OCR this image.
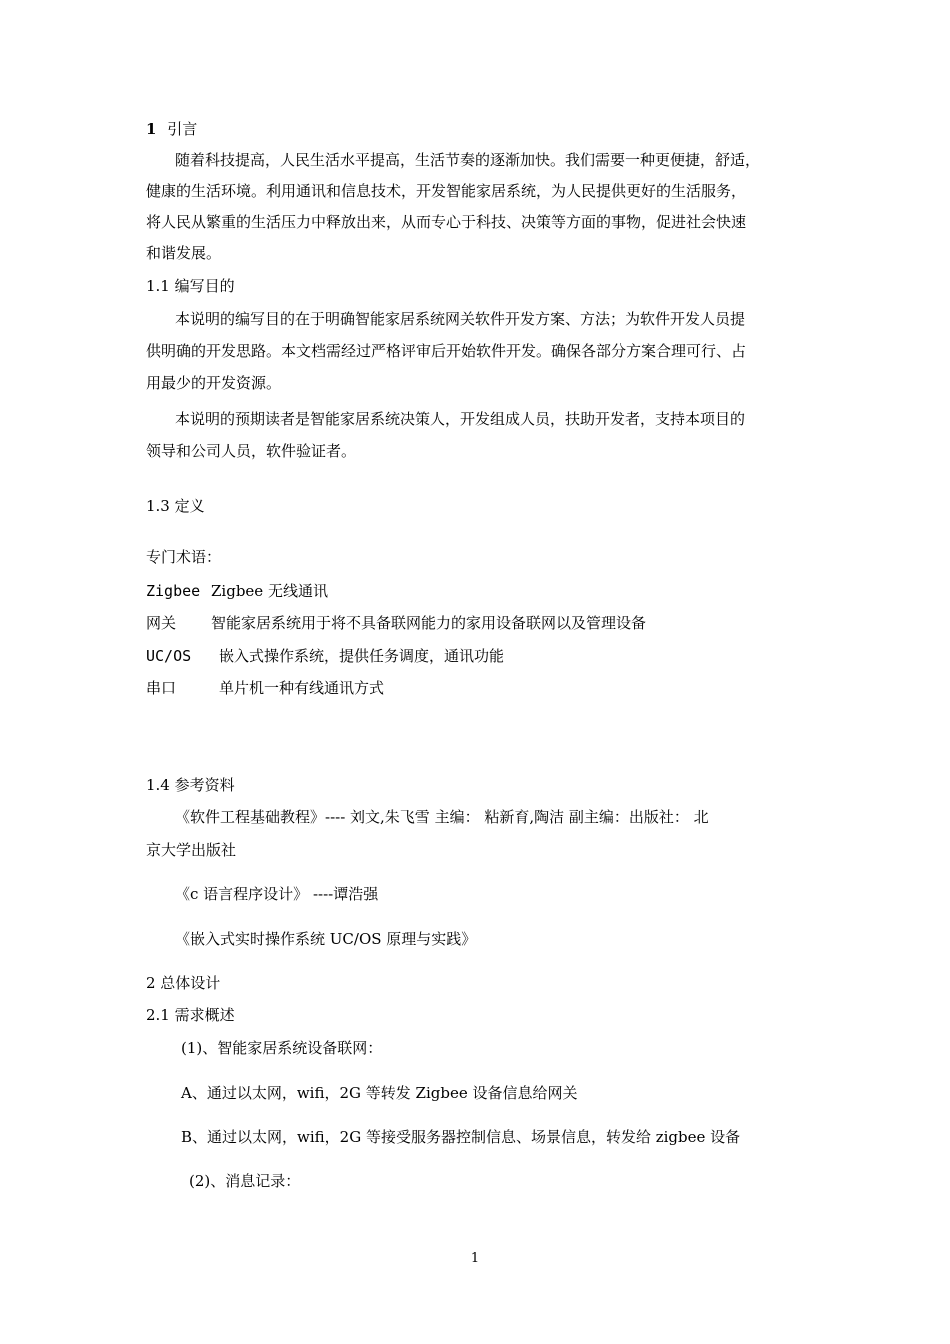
1 引言
随着科技提高，人民生活水平提高，生活节奏的逐渐加快。我们需要一种更便捷，舒适，
健康的生活环境。利用通讯和信息技术，开发智能家居系统，为人民提供更好的生活服务，
将人民从繁重的生活压力中释放出来，从而专心于科技、决策等方面的事物，促进社会快速
和谐发展。
1.1 编写目的
本说明的编写目的在于明确智能家居系统网关软件开发方案、方法；为软件开发人员提
供明确的开发思路。本文档需经过严格评审后开始软件开发。确保各部分方案合理可行、占
用最少的开发资源。
本说明的预期读者是智能家居系统决策人，开发组成人员，扶助开发者，支持本项目的
领导和公司人员，软件验证者。
1.3 定义
专门术语：
Zigbee Zigbee 无线通讯
网关 智能家居系统用于将不具备联网能力的家用设备联网以及管理设备
UC/OS 嵌入式操作系统，提供任务调度，通讯功能
串口	单片机一种有线通讯方式
1.4 参考资料
《软件工程基础教程》---- 刘文,朱飞雪 主编： 粘新育,陶洁 副主编：出版社： 北
京大学出版社
《c 语言程序设计》 ----谭浩强
《嵌入式实时操作系统 UC/OS 原理与实践》
2 总体设计
2.1 需求概述
(1)、智能家居系统设备联网：
A、通过以太网，wifi，2G 等转发 Zigbee 设备信息给网关
B、通过以太网，wifi，2G 等接受服务器控制信息、场景信息，转发给 zigbee 设备
(2)、消息记录：
1
